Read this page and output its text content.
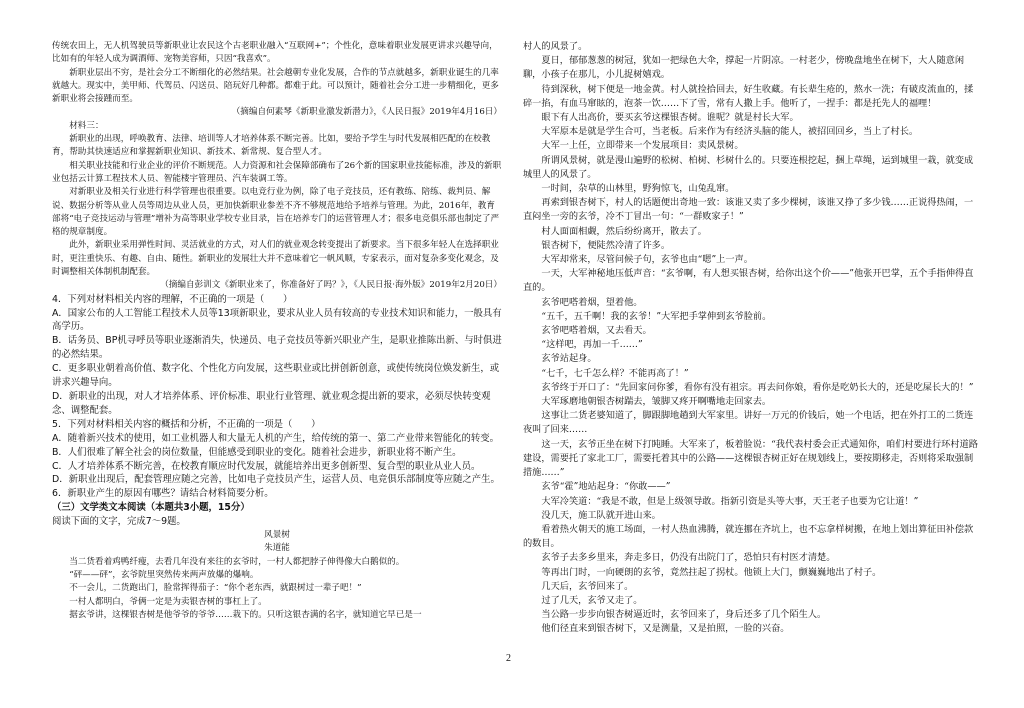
传统农田上，无人机驾驶员等新职业让农民这个古老职业融入“互联网+”；个性化，意味着职业发展更讲求兴趣导向，比如有的年轻人成为调酒师、宠物美容师，只因“我喜欢”。

新职业层出不穷，是社会分工不断细化的必然结果。社会越朝专业化发展，合作的节点就越多，新职业诞生的几率就越大。现实中，美甲师、代驾员、闪送员、陪玩好几种都。都难于此。可以预计，随着社会分工进一步精细化，更多新职业将会接踵而至。

（摘编自何素琴《新职业激发新潜力》，《人民日报》2019年4月16日）

材料三：

新职业的出现，呼唤教育、法律、培训等人才培养体系不断完善。比如，要给予学生与时代发展相匹配的在校教育，帮助其快速适应和掌握新职业知识、新技术、新常规、复合型人才。

相关职业技能和行业企业的评价不断规范。人力资源和社会保障部确布了26个新的国家职业技能标准，涉及的新职业包括云计算工程技术人员、智能楼宇管理员、汽车装调工等。

对新职业及相关行业进行科学管理也很重要。以电竞行业为例，除了电子竞技员，还有教练、陪练、裁判员、解说、数据分析等从业人员等周边从业人员，更加快新职业参差不齐不够规范地给予培养与管理。为此，2016年，教育部将“电子竞技运动与管理”增补为高等职业学校专业目录，旨在培养专门的运营管理人才；很多电竞俱乐部也制定了严格的规章制度。

此外，新职业采用弹性时间、灵活就业的方式，对人们的就业观念转变提出了新要求。当下很多年轻人在选择职业时，更注重快乐、有趣、自由、随性。新职业的发展壮大并不意味着它一帆风顺，专家表示，面对复杂多变化观念，及时调整相关体制机制配套。

（摘编自彭训文《新职业来了，你准备好了吗？》，《人民日报·海外版》2019年2月20日）

4．下列对材料相关内容的理解，不正确的一项是（　　）

A．国家公布的人工智能工程技术人员等13项新职业，要求从业人员有较高的专业技术知识和能力，一般具有高学历。

B．话务员、BP机寻呼员等职业逐渐消失，快递员、电子竞技员等新兴职业产生，是职业推陈出新、与时俱进的必然结果。

C．更多职业朝着高价值、数字化、个性化方向发展，这些职业或比拼创新创意，或使传统岗位焕发新生，或讲求兴趣导向。

D．新职业的出现，对人才培养体系、评价标准、职业行业管理、就业观念提出新的要求，必须尽快转变观念、调整配套。

5．下列对材料相关内容的概括和分析，不正确的一项是（　　）

A．随着新兴技术的使用，如工业机器人和大量无人机的产生，给传统的第一、第二产业带来智能化的转变。

B．人们很难了解全社会的岗位数量，但能感受到职业的变化。随着社会进步，新职业将不断产生。

C．人才培养体系不断完善，在校教育顺应时代发展，就能培养出更多创新型、复合型的职业从业人员。

D．新职业出现后，配套管理应随之完善，比如电子竞技员产生，运营人员、电竞俱乐部制度等应随之产生。

6．新职业产生的原因有哪些？请结合材料简要分析。

（三）文学类文本阅读（本题共3小题，15分）

阅读下面的文字，完成7～9题。

风景树

朱道能

当二货看着鸡鸭纤瘦，去看几年没有来往的玄爷时，一村人都把脖子伸得像大白鹅似的。

“砰——砰”，玄爷院里突然传来两声放爆的爆响。

不一会儿，二货跑出门，脸常挥得茄子：“你个老东西，就跟树过一辈子吧！”

一村人都明白，爷俩一定是为卖银杏树的事杠上了。

据玄爷讲，这棵银杏树是他爷爷的爷爷……栽下的。只听这银杏满的名字，就知道它早已是一

村人的风景了。

夏日，郁郁葱葱的树冠，犹如一把绿色大伞，撑起一片阴凉。一村老少，傍晚盘地坐在树下，大人随意闲聊，小孩子在那儿，小儿捉树嬉戏。

待到深秋，树下便是一地金黄。村人就捡拾回去，好生收藏。有长辈生疮的，熬水一洗；有破皮流血的，揉碎一掐，有血马窜眩的，泡茶一饮……下了雪，常有人撒上手。他听了，一捏手：都是托先人的福哩！

眼下有人出高价，要买玄爷这棵银杏树。谁呢？就是村长大军。

大军原本是就是学生合可，当老板。后来作为有经济头脑的能人，被招回回乡，当上了村长。

大军一上任，立即带来一个发展项目：卖风景树。

所谓风景树，就是漫山遍野的松树、柏树、杉树什么的。只要连根挖起，捆上草绳，运到城里一栽，就变成城里人的风景了。

一时间，杂草的山林里，野狗惊飞，山兔乱窜。

再索到银杏树下，村人的话题便出奇地一致：该谁又卖了多少棵树，该谁又挣了多少钱……正说得热闹，一直闷坐一旁的玄爷，冷不丁冒出一句：“一群败家子！”

村人面面相觑，然后纷纷离开，散去了。

银杏树下，便陡然冷清了许多。

大军却常来，尽管问候子句，玄爷也由“嗯”上一声。

一天，大军神秘地压低声音：“玄爷啊，有人想买银杏树，给你出这个价——”他张开巴掌，五个手指伸得直直的。

玄爷吧嗒着烟，望着他。

“五千，五千啊！我的玄爷！”大军把手掌伸到玄爷脸前。

玄爷吧嗒着烟，又去看天。

“这样吧，再加一千……”

玄爷站起身。

“七千，七千怎么样？不能再高了！”

玄爷终于开口了：“先回家问你爹，看你有没有祖宗。再去问你娘，看你是吃奶长大的，还是吃屎长大的！”

大军琢磨地朝银杏树踹去，皱脚又疼开啊嘴地走回家去。

这事让二货老婆知道了，脚跟脚地趟到大军家里。讲好一万元的价钱后，她一个电话，把在外打工的二货连夜叫了回来……

这一天，玄爷正坐在树下打盹睡。大军来了，板着脸说：“我代表村委会正式通知你，咱们村要进行环村道路建设，需要托了家北工厂，需要托着其中的公路——这棵银杏树正好在规划线上，要按期移走，否则将采取强制措施……”

玄爷“霍”地站起身：“你敢——”

大军冷笑道：“我是不敢，但是上级领导敢。指新引资是头等大事，天王老子也要为它让道！”

没几天，施工队就开进山来。

看着热火朝天的施工场面，一村人热血沸腾，就连挪在齐坑上，也不忘拿样树搬，在地上划出算征田补偿款的数目。

玄爷子去多乡里来，奔走多日，仍没有出院门了，恐怕只有村医才清楚。

等再出门时，一向硬朗的玄爷，竟然拄起了拐杖。他锁上大门，颤巍巍地出了村子。

几天后，玄爷回来了。

过了几天，玄爷又走了。

当公路一步步向银杏树逼近时，玄爷回来了，身后还多了几个陌生人。

他们径直来到银杏树下，又是测量，又是拍照，一脸的兴奋。

2
